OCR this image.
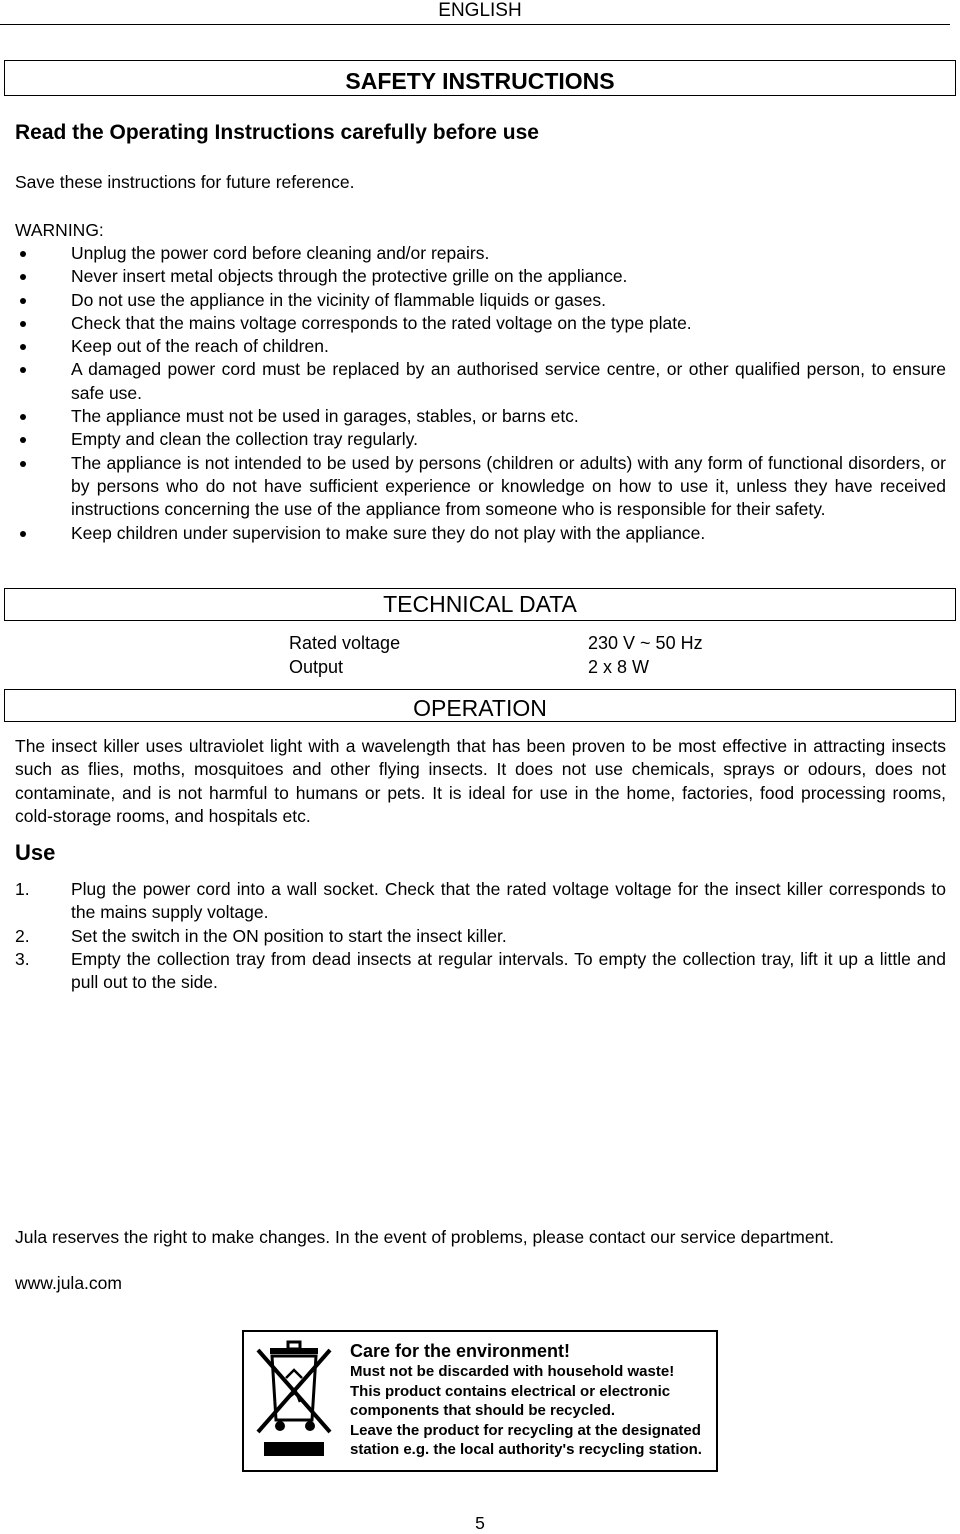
ENGLISH
SAFETY INSTRUCTIONS
Read the Operating Instructions carefully before use
Save these instructions for future reference.
WARNING:
Unplug the power cord before cleaning and/or repairs.
Never insert metal objects through the protective grille on the appliance.
Do not use the appliance in the vicinity of flammable liquids or gases.
Check that the mains voltage corresponds to the rated voltage on the type plate.
Keep out of the reach of children.
A damaged power cord must be replaced by an authorised service centre, or other qualified person, to ensure safe use.
The appliance must not be used in garages, stables, or barns etc.
Empty and clean the collection tray regularly.
The appliance is not intended to be used by persons (children or adults) with any form of functional disorders, or by persons who do not have sufficient experience or knowledge on how to use it, unless they have received instructions concerning the use of the appliance from someone who is responsible for their safety.
Keep children under supervision to make sure they do not play with the appliance.
TECHNICAL DATA
Rated voltage	230 V ~ 50 Hz
Output	2 x 8 W
OPERATION
The insect killer uses ultraviolet light with a wavelength that has been proven to be most effective in attracting insects such as flies, moths, mosquitoes and other flying insects. It does not use chemicals, sprays or odours, does not contaminate, and is not harmful to humans or pets. It is ideal for use in the home, factories, food processing rooms, cold-storage rooms, and hospitals etc.
Use
1. Plug the power cord into a wall socket. Check that the rated voltage voltage for the insect killer corresponds to the mains supply voltage.
2. Set the switch in the ON position to start the insect killer.
3. Empty the collection tray from dead insects at regular intervals. To empty the collection tray, lift it up a little and pull out to the side.
Jula reserves the right to make changes. In the event of problems, please contact our service department.
www.jula.com
Care for the environment!
Must not be discarded with household waste!
This product contains electrical or electronic components that should be recycled.
Leave the product for recycling at the designated station e.g. the local authority's recycling station.
5
